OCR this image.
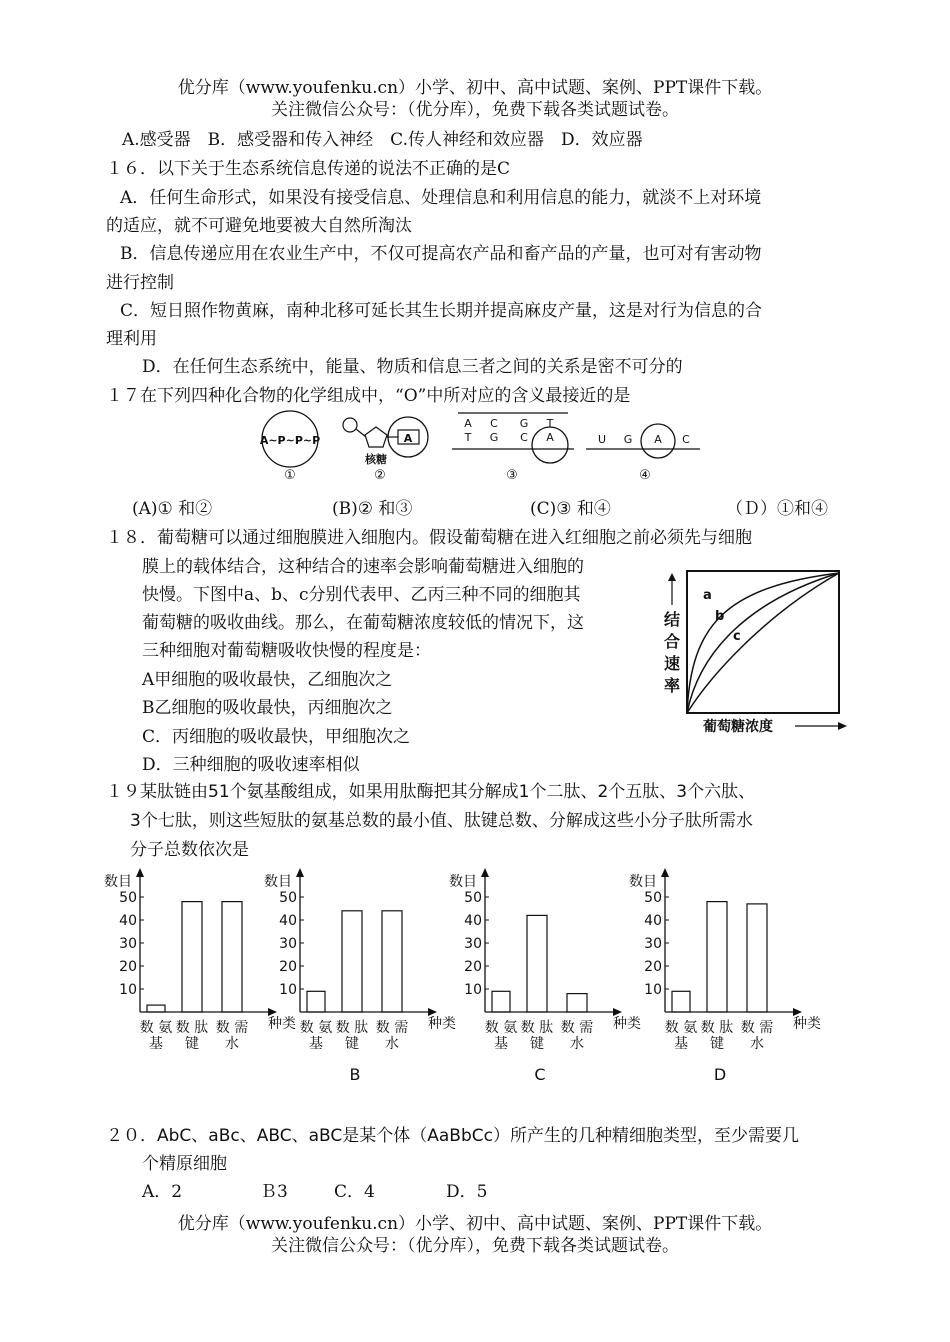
优分库（www.youfenku.cn）小学、初中、高中试题、案例、PPT课件下载。
关注微信公众号：（优分库），免费下载各类试题试卷。
A.感受器　B．感受器和传入神经　C.传人神经和效应器　D．效应器
１６．以下关于生态系统信息传递的说法不正确的是C
A．任何生命形式，如果没有接受信息、处理信息和利用信息的能力，就淡不上对环境
的适应，就不可避免地要被大自然所淘汰
B．信息传递应用在农业生产中，不仅可提高农产品和畜产品的产量，也可对有害动物
进行控制
C．短日照作物黄麻，南种北移可延长其生长期并提高麻皮产量，这是对行为信息的合
理利用
D．在任何生态系统中，能量、物质和信息三者之间的关系是密不可分的
１７在下列四种化合物的化学组成中，“O”中所对应的含义最接近的是
A~P~P~P
①
A
核糖
②
A C G T
T G C A
③
U G A C
④
(A)① 和②	(B)② 和③	(C)③ 和④	（Ｄ）①和④
１８．葡萄糖可以通过细胞膜进入细胞内。假设葡萄糖在进入红细胞之前必须先与细胞
膜上的载体结合，这种结合的速率会影响葡萄糖进入细胞的
快慢。下图中a、b、c分别代表甲、乙丙三种不同的细胞其
葡萄糖的吸收曲线。那么，在葡萄糖浓度较低的情况下，这
三种细胞对葡萄糖吸收快慢的程度是：
A甲细胞的吸收最快，乙细胞次之
B乙细胞的吸收最快，丙细胞次之
C．丙细胞的吸收最快，甲细胞次之
D．三种细胞的吸收速率相似
a
b
c
结
合
速
率
葡萄糖浓度
１９某肽链由51个氨基酸组成，如果用肽酶把其分解成1个二肽、2个五肽、3个六肽、
3个七肽，则这些短肽的氨基总数的最小值、肽键总数、分解成这些小分子肽所需水
分子总数依次是
数目
10
20
30
40
50
种类
数 氨
基
数 肽
键
数 需
水
数目
10
20
30
40
50
种类
数 氨
基
数 肽
键
数 需
水
B
数目
10
20
30
40
50
种类
数 氨
基
数 肽
键
数 需
水
C
数目
10
20
30
40
50
种类
数 氨
基
数 肽
键
数 需
水
D
２０．AbC、aBc、ABC、aBC是某个体（AaBbCc）所产生的几种精细胞类型，至少需要几
个精原细胞
A．2	Ｂ3	C．4	D．5
优分库（www.youfenku.cn）小学、初中、高中试题、案例、PPT课件下载。
关注微信公众号：（优分库），免费下载各类试题试卷。
